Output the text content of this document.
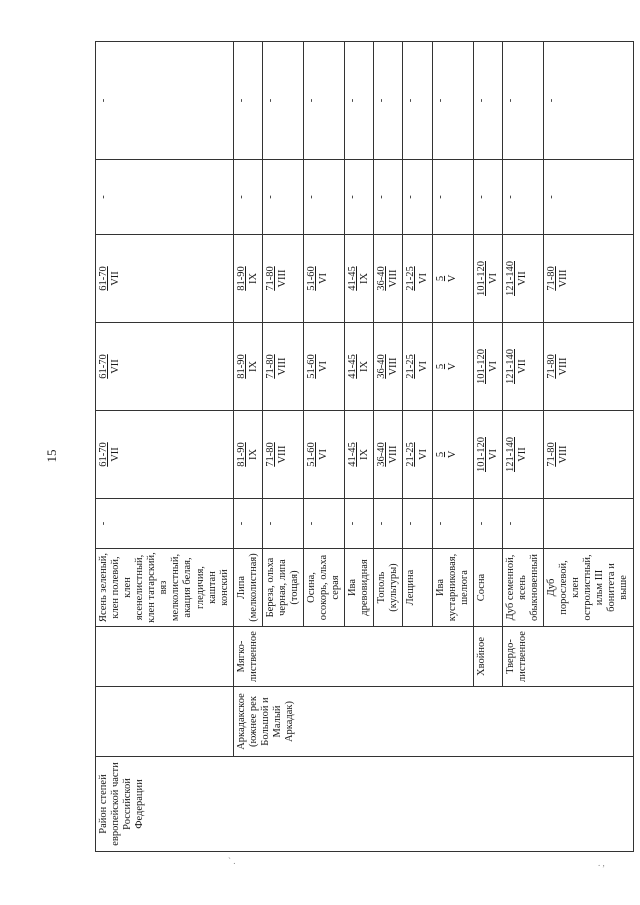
15
Район степей европейской части Российской Федерации			Ясень зеленый, клен полевой, клен ясенелистный, клен татарский, вяз мелколистный, акация белая, гледичия, каштан конский	-	61-70 VII	61-70 VII	61-70 VII	-	-
	Аркадакское (южнее рек Большой и Малый Аркадак)	Мягко-лиственное	Липа (мелколистная)	-	81-90 IX	81-90 IX	81-90 IX	-	-
			Береза, ольха черная, липа (тощая)	-	71-80 VIII	71-80 VIII	71-80 VIII	-	-
			Осина, осокорь, ольха серая	-	51-60 VI	51-60 VI	51-60 VI	-	-
			Ива древовидная	-	41-45 IX	41-45 IX	41-45 IX	-	-
			Тополь (культуры)	-	36-40 VIII	36-40 VIII	36-40 VIII	-	-
			Лещина	-	21-25 VI	21-25 VI	21-25 VI	-	-
			Ива кустарниковая, шелюга	-	5 V	5 V	5 V	-	-
		Хвойное	Сосна	-	101-120 VI	101-120 VI	101-120 VI	-	-
		Твердо-лиственное	Дуб семенной, ясень обыкновенный	-	121-140 VII	121-140 VII	121-140 VII	-	-
			Дуб порослевой, клен остролистный, ильм III бонитета и выше		71-80 VIII	71-80 VIII	71-80 VIII	-	-
` .	. ,
